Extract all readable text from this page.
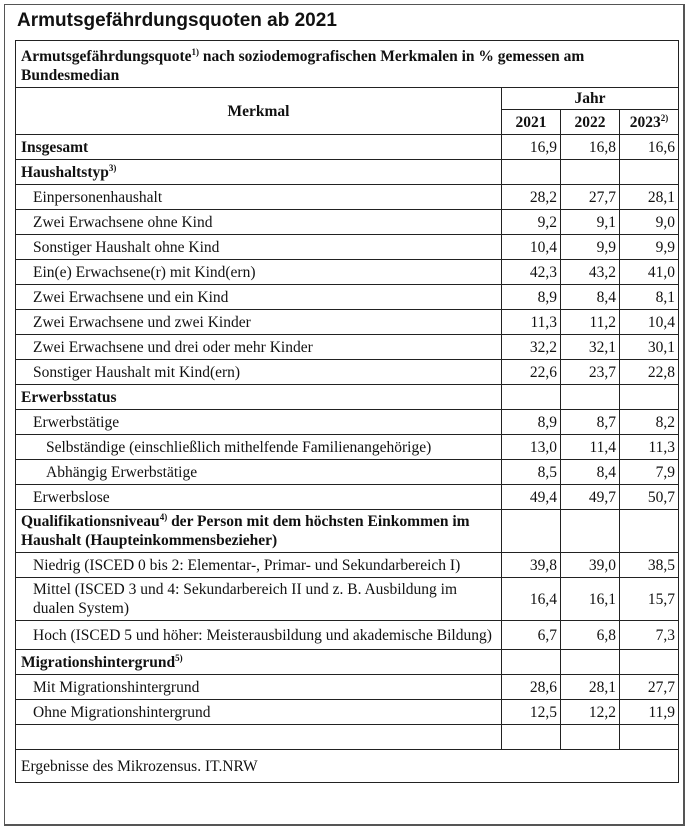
Armutsgefährdungsquoten ab 2021
Armutsgefährdungsquote$^{1)}$ nach soziodemografischen Merkmalen in % gemessen am Bundesmedian			
Merkmal	Jahr		
	2021	2022	2023$^{2)}$
Insgesamt	16,9	16,8	16,6
Haushaltstyp$^{3)}$			
Einpersonenhaushalt	28,2	27,7	28,1
Zwei Erwachsene ohne Kind	9,2	9,1	9,0
Sonstiger Haushalt ohne Kind	10,4	9,9	9,9
Ein(e) Erwachsene(r) mit Kind(ern)	42,3	43,2	41,0
Zwei Erwachsene und ein Kind	8,9	8,4	8,1
Zwei Erwachsene und zwei Kinder	11,3	11,2	10,4
Zwei Erwachsene und drei oder mehr Kinder	32,2	32,1	30,1
Sonstiger Haushalt mit Kind(ern)	22,6	23,7	22,8
Erwerbsstatus			
Erwerbstätige	8,9	8,7	8,2
Selbständige (einschließlich mithelfende Familienangehörige)	13,0	11,4	11,3
Abhängig Erwerbstätige	8,5	8,4	7,9
Erwerbslose	49,4	49,7	50,7
Qualifikationsniveau$^{4)}$ der Person mit dem höchsten Einkommen im Haushalt (Haupteinkommensbezieher)			
Niedrig (ISCED 0 bis 2: Elementar-, Primar- und Sekundarbereich I)	39,8	39,0	38,5
Mittel (ISCED 3 und 4: Sekundarbereich II und z. B. Ausbildung im dualen System)	16,4	16,1	15,7
Hoch (ISCED 5 und höher: Meisterausbildung und akademische Bildung)	6,7	6,8	7,3
Migrationshintergrund$^{5)}$			
Mit Migrationshintergrund	28,6	28,1	27,7
Ohne Migrationshintergrund	12,5	12,2	11,9

Ergebnisse des Mikrozensus. IT.NRW			
